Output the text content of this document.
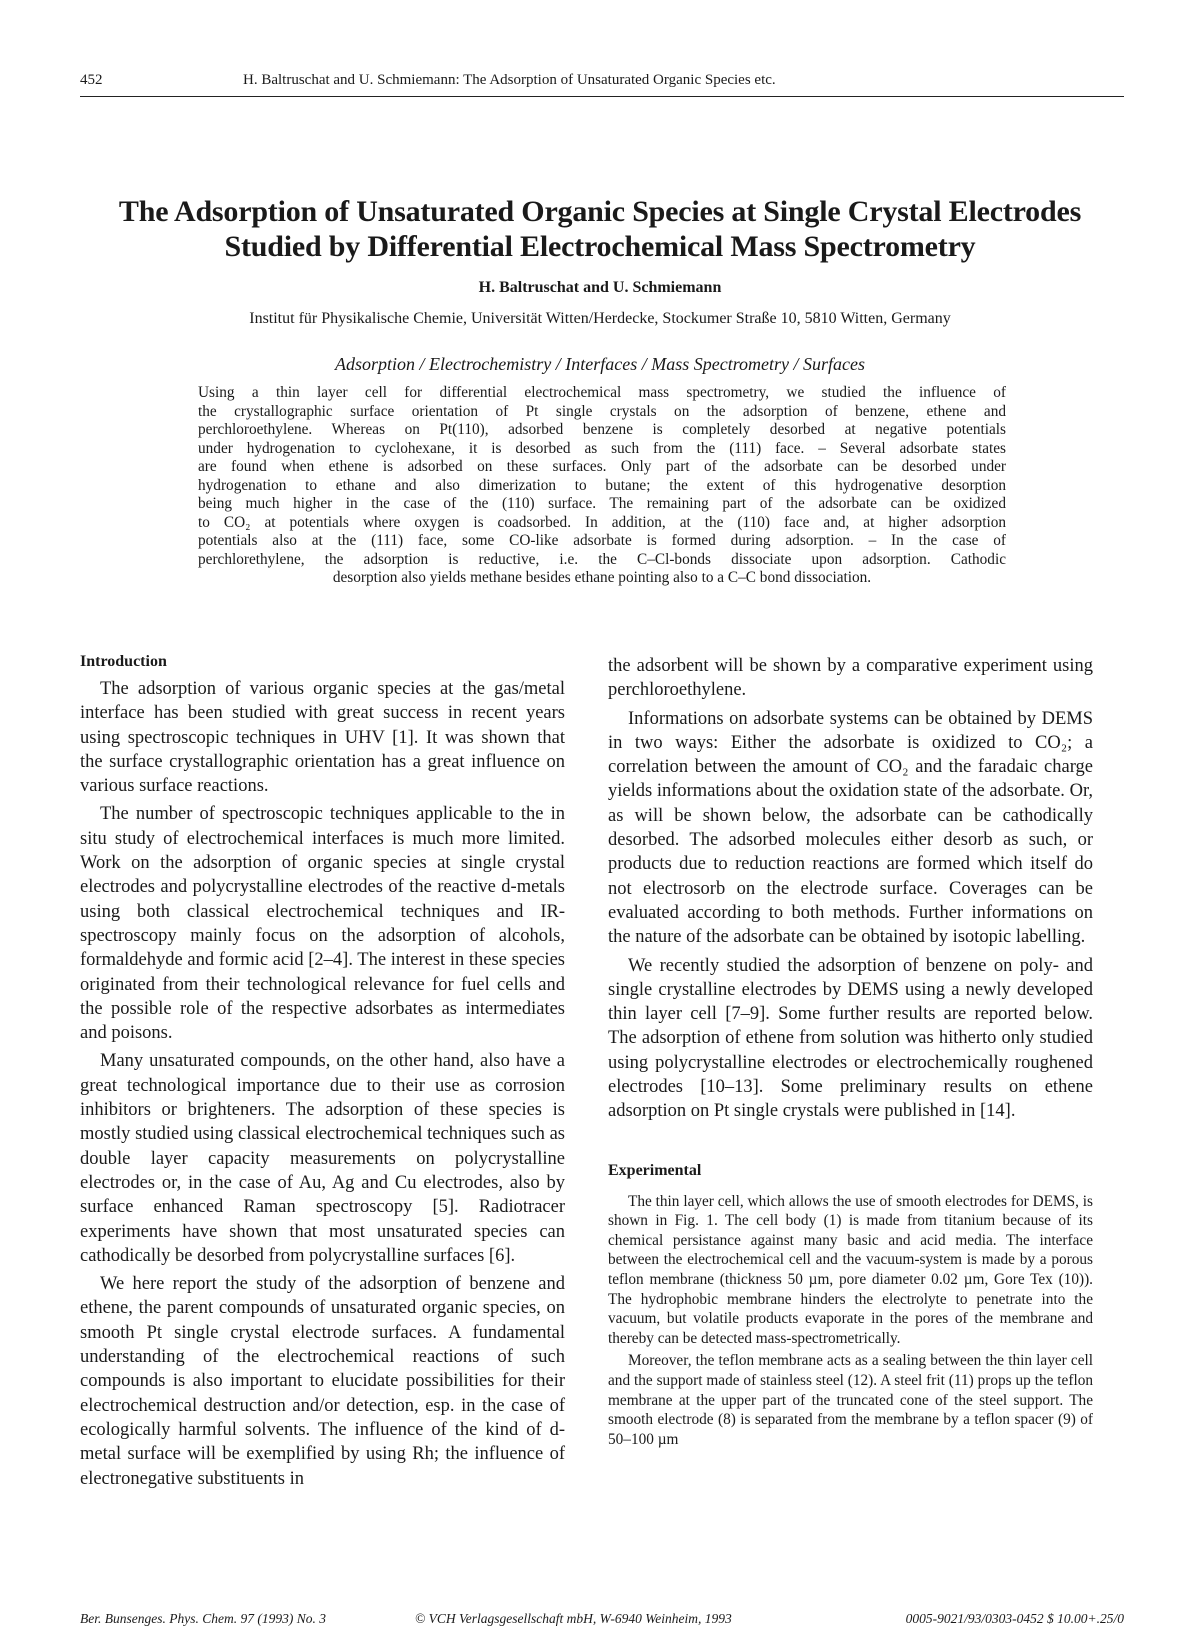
452	H. Baltruschat and U. Schmiemann: The Adsorption of Unsaturated Organic Species etc.
The Adsorption of Unsaturated Organic Species at Single Crystal Electrodes
Studied by Differential Electrochemical Mass Spectrometry
H. Baltruschat and U. Schmiemann
Institut für Physikalische Chemie, Universität Witten/Herdecke, Stockumer Straße 10, 5810 Witten, Germany
Adsorption / Electrochemistry / Interfaces / Mass Spectrometry / Surfaces
Using a thin layer cell for differential electrochemical mass spectrometry, we studied the influence of
the crystallographic surface orientation of Pt single crystals on the adsorption of benzene, ethene and
perchloroethylene. Whereas on Pt(110), adsorbed benzene is completely desorbed at negative potentials
under hydrogenation to cyclohexane, it is desorbed as such from the (111) face. – Several adsorbate states
are found when ethene is adsorbed on these surfaces. Only part of the adsorbate can be desorbed under
hydrogenation to ethane and also dimerization to butane; the extent of this hydrogenative desorption
being much higher in the case of the (110) surface. The remaining part of the adsorbate can be oxidized
to CO₂ at potentials where oxygen is coadsorbed. In addition, at the (110) face and, at higher adsorption
potentials also at the (111) face, some CO-like adsorbate is formed during adsorption. – In the case of
perchlorethylene, the adsorption is reductive, i.e. the C–Cl-bonds dissociate upon adsorption. Cathodic
desorption also yields methane besides ethane pointing also to a C–C bond dissociation.
Introduction

The adsorption of various organic species at the gas/metal interface has been studied with great success in recent years using spectroscopic techniques in UHV [1]. It was shown that the surface crystallographic orientation has a great influence on various surface reactions.

The number of spectroscopic techniques applicable to the in situ study of electrochemical interfaces is much more limited. Work on the adsorption of organic species at single crystal electrodes and polycrystalline electrodes of the reactive d-metals using both classical electrochemical techniques and IR-spectroscopy mainly focus on the adsorption of alcohols, formaldehyde and formic acid [2–4]. The interest in these species originated from their technological relevance for fuel cells and the possible role of the respective adsorbates as intermediates and poisons.

Many unsaturated compounds, on the other hand, also have a great technological importance due to their use as corrosion inhibitors or brighteners. The adsorption of these species is mostly studied using classical electrochemical techniques such as double layer capacity measurements on polycrystalline electrodes or, in the case of Au, Ag and Cu electrodes, also by surface enhanced Raman spectroscopy [5]. Radiotracer experiments have shown that most unsaturated species can cathodically be desorbed from polycrystalline surfaces [6].

We here report the study of the adsorption of benzene and ethene, the parent compounds of unsaturated organic species, on smooth Pt single crystal electrode surfaces. A fundamental understanding of the electrochemical reactions of such compounds is also important to elucidate possibilities for their electrochemical destruction and/or detection, esp. in the case of ecologically harmful solvents. The influence of the kind of d-metal surface will be exemplified by using Rh; the influence of electronegative substituents in

the adsorbent will be shown by a comparative experiment using perchloroethylene.

Informations on adsorbate systems can be obtained by DEMS in two ways: Either the adsorbate is oxidized to CO₂; a correlation between the amount of CO₂ and the faradaic charge yields informations about the oxidation state of the adsorbate. Or, as will be shown below, the adsorbate can be cathodically desorbed. The adsorbed molecules either desorb as such, or products due to reduction reactions are formed which itself do not electrosorb on the electrode surface. Coverages can be evaluated according to both methods. Further informations on the nature of the adsorbate can be obtained by isotopic labelling.

We recently studied the adsorption of benzene on poly- and single crystalline electrodes by DEMS using a newly developed thin layer cell [7–9]. Some further results are reported below. The adsorption of ethene from solution was hitherto only studied using polycrystalline electrodes or electrochemically roughened electrodes [10–13]. Some preliminary results on ethene adsorption on Pt single crystals were published in [14].

Experimental

The thin layer cell, which allows the use of smooth electrodes for DEMS, is shown in Fig. 1. The cell body (1) is made from titanium because of its chemical persistance against many basic and acid media. The interface between the electrochemical cell and the vacuum-system is made by a porous teflon membrane (thickness 50 µm, pore diameter 0.02 µm, Gore Tex (10)). The hydrophobic membrane hinders the electrolyte to penetrate into the vacuum, but volatile products evaporate in the pores of the membrane and thereby can be detected mass-spectrometrically.

Moreover, the teflon membrane acts as a sealing between the thin layer cell and the support made of stainless steel (12). A steel frit (11) props up the teflon membrane at the upper part of the truncated cone of the steel support. The smooth electrode (8) is separated from the membrane by a teflon spacer (9) of 50–100 µm

Ber. Bunsenges. Phys. Chem. 97 (1993) No. 3	© VCH Verlagsgesellschaft mbH, W-6940 Weinheim, 1993	0005-9021/93/0303-0452 $ 10.00+.25/0
